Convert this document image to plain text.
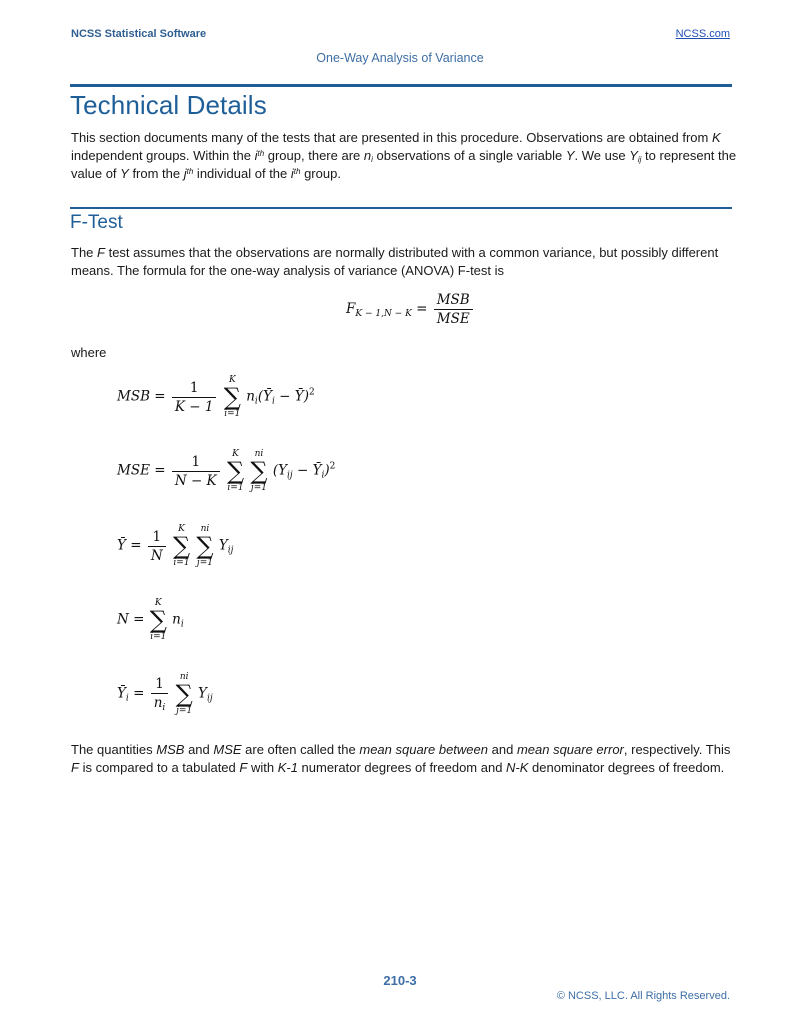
NCSS Statistical Software	NCSS.com
One-Way Analysis of Variance
Technical Details

This section documents many of the tests that are presented in this procedure. Observations are obtained from K independent groups. Within the $i^{th}$ group, there are $n_i$ observations of a single variable Y. We use $Y_{ij}$ to represent the value of Y from the $j^{th}$ individual of the $i^{th}$ group.

F-Test

The F test assumes that the observations are normally distributed with a common variance, but possibly different means. The formula for the one-way analysis of variance (ANOVA) F-test is

$F_{K - 1,N - K} = \frac{\text{MSB}}{\text{MSE}}$
where
MSB = $\frac{1}{K - 1}$
	K
∑
i=1
$n_i(Ȳ_i$ − Ȳ)$^2$
MSE = $\frac{1}{N - K}$
	K
∑
i=1

ni
∑
j=1
($Y_{ij}$ − $Ȳ_i)^2$
Ȳ = $\frac{1}{N}$
	K
∑
i=1

ni
∑
j=1
$Y_{ij}$
N =
K
∑
i=1
$n_i$
$Ȳ_i = \frac{1}{n_i}$
	ni
∑
j=1
$Y_{ij}$

The quantities MSB and MSE are often called the mean square between and mean square error, respectively. This F is compared to a tabulated F with K-1 numerator degrees of freedom and N-K denominator degrees of freedom.

210-3
© NCSS, LLC. All Rights Reserved.
